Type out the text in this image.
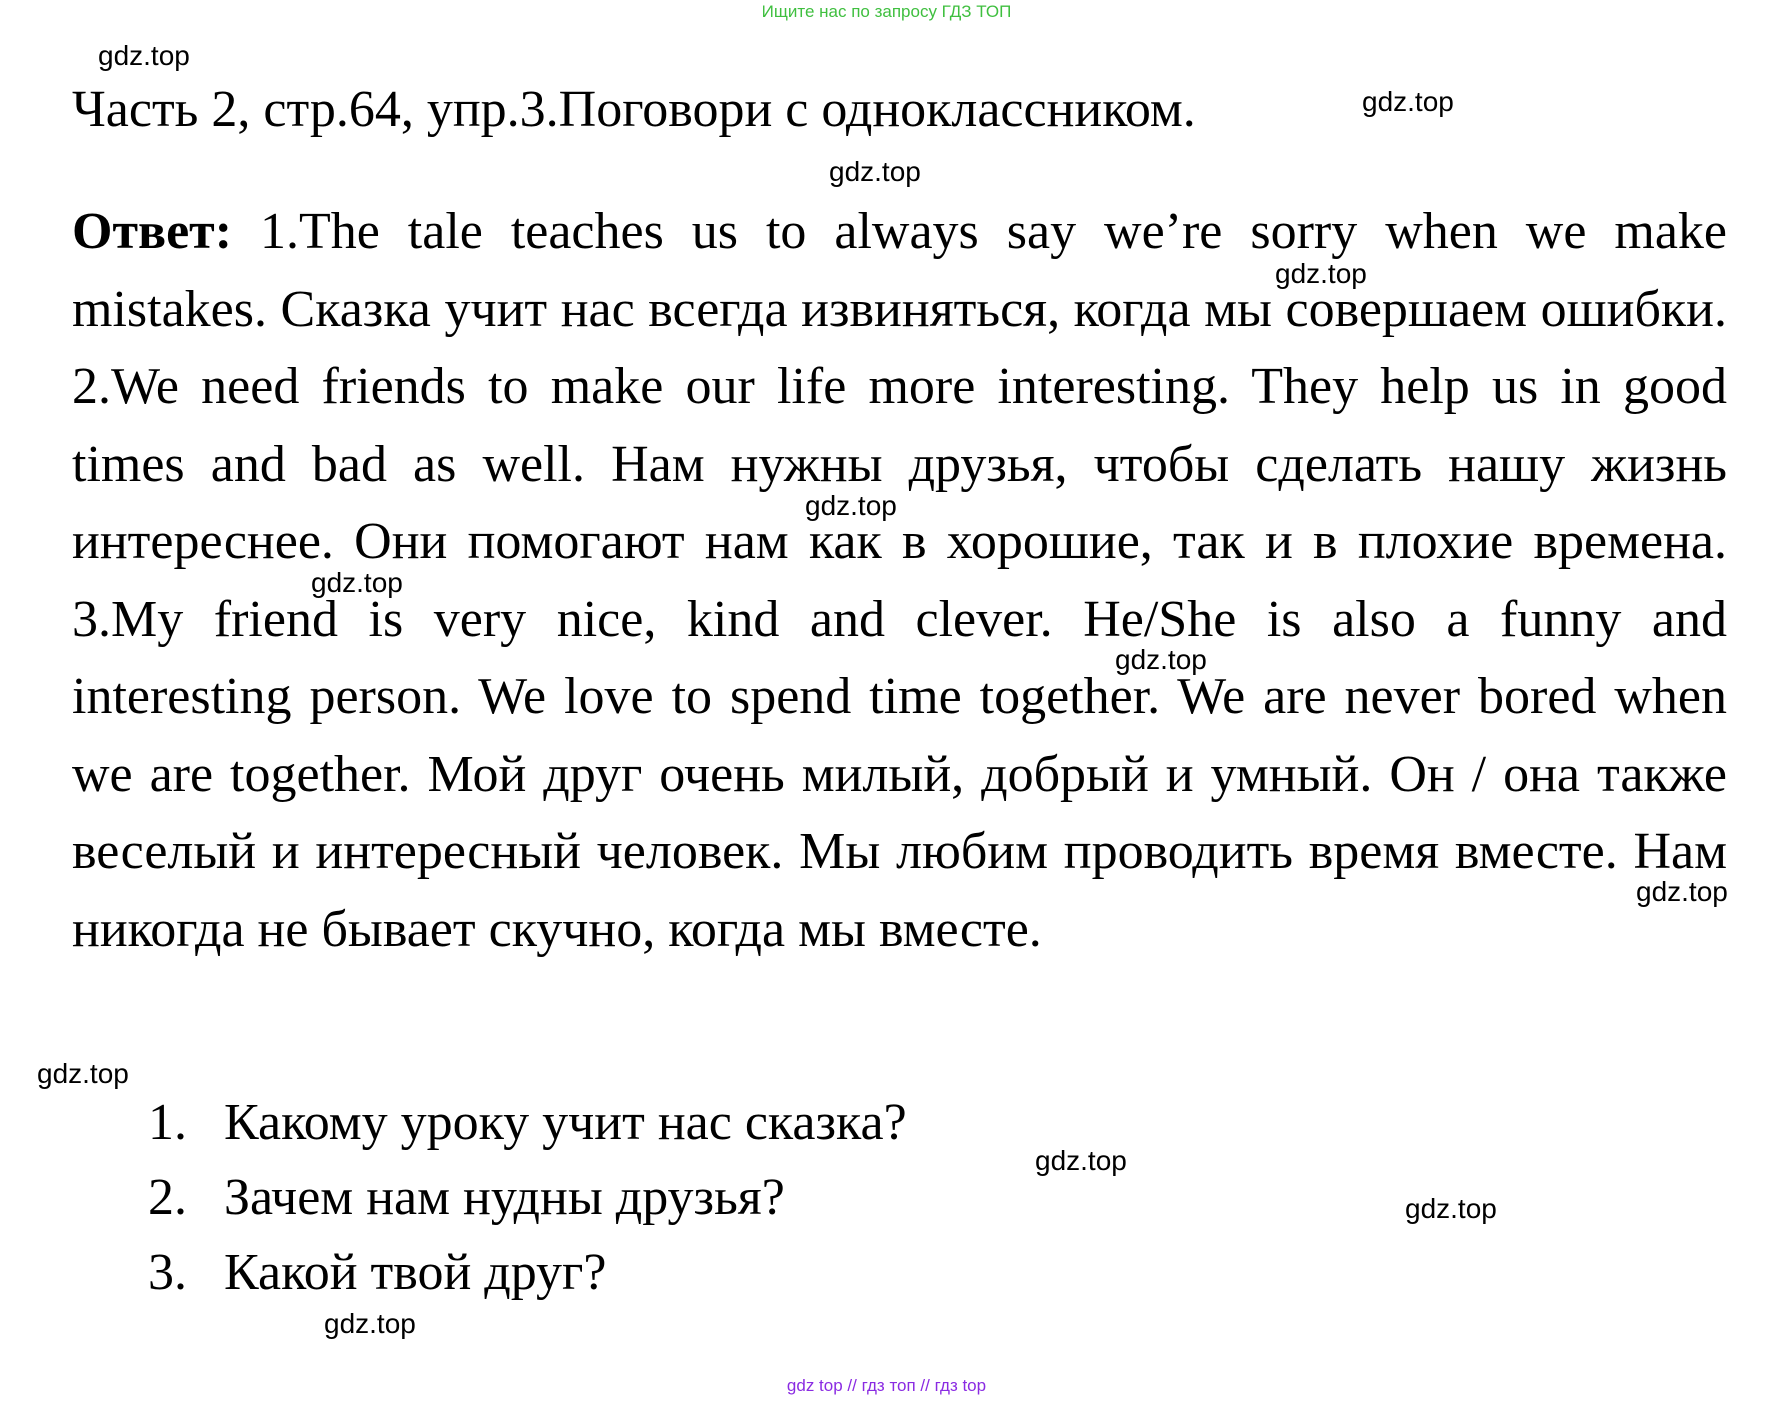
Ищите нас по запросу ГДЗ ТОП
Часть 2, стр.64, упр.3.Поговори с одноклассником.

Ответ: 1.The tale teaches us to always say we’re sorry when we make mistakes. Сказка учит нас всегда извиняться, когда мы совершаем ошибки. 2.We need friends to make our life more interesting. They help us in good times and bad as well. Нам нужны друзья, чтобы сделать нашу жизнь интереснее. Они помогают нам как в хорошие, так и в плохие времена. 3.My friend is very nice, kind and clever. He/She is also a funny and interesting person. We love to spend time together. We are never bored when we are together. Мой друг очень милый, добрый и умный. Он / она также веселый и интересный человек. Мы любим проводить время вместе. Нам никогда не бывает скучно, когда мы вместе.

1. Какому уроку учит нас сказка?
2. Зачем нам нудны друзья?
3. Какой твой друг?
gdz.top
gdz.top
gdz.top
gdz.top
gdz.top
gdz.top
gdz.top
gdz.top
gdz.top
gdz.top
gdz.top
gdz.top
gdz top // гдз топ // гдз top
